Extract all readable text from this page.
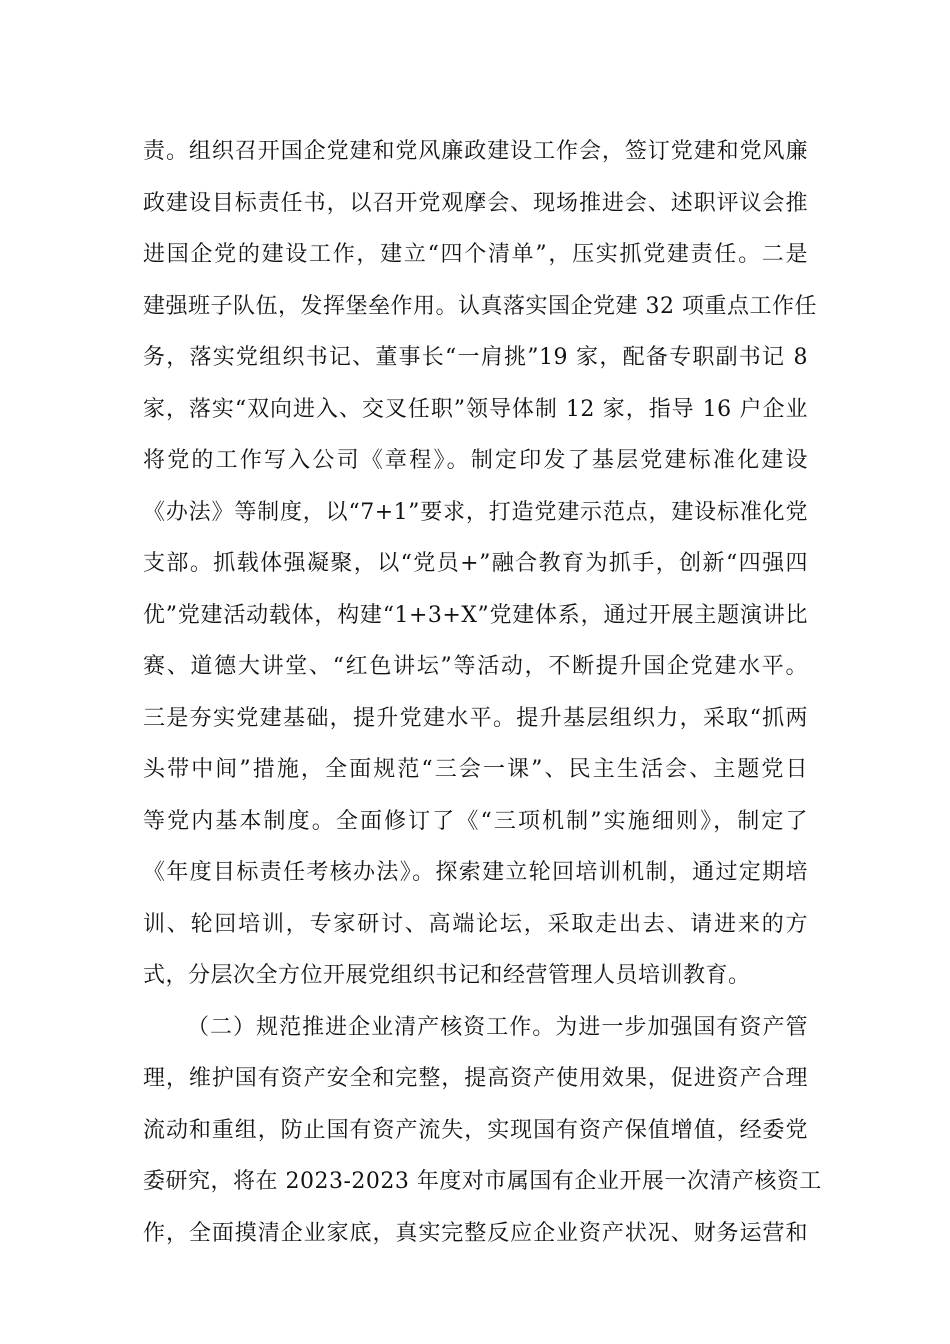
责。组织召开国企党建和党风廉政建设工作会，签订党建和党风廉
政建设目标责任书，以召开党观摩会、现场推进会、述职评议会推
进国企党的建设工作，建立“四个清单”，压实抓党建责任。二是
建强班子队伍，发挥堡垒作用。认真落实国企党建 32 项重点工作任
务，落实党组织书记、董事长“一肩挑”19 家，配备专职副书记 8
家，落实“双向进入、交叉任职”领导体制 12 家，指导 16 户企业
将党的工作写入公司《章程》。制定印发了基层党建标准化建设
《办法》等制度，以“7+1”要求，打造党建示范点，建设标准化党
支部。抓载体强凝聚，以“党员+”融合教育为抓手，创新“四强四
优”党建活动载体，构建“1+3+X”党建体系，通过开展主题演讲比
赛、道德大讲堂、“红色讲坛”等活动，不断提升国企党建水平。
三是夯实党建基础，提升党建水平。提升基层组织力，采取“抓两
头带中间”措施，全面规范“三会一课”、民主生活会、主题党日
等党内基本制度。全面修订了《“三项机制”实施细则》，制定了
《年度目标责任考核办法》。探索建立轮回培训机制，通过定期培
训、轮回培训，专家研讨、高端论坛，采取走出去、请进来的方
式，分层次全方位开展党组织书记和经营管理人员培训教育。
（二）规范推进企业清产核资工作。为进一步加强国有资产管
理，维护国有资产安全和完整，提高资产使用效果，促进资产合理
流动和重组，防止国有资产流失，实现国有资产保值增值，经委党
委研究，将在 2023-2023 年度对市属国有企业开展一次清产核资工
作，全面摸清企业家底，真实完整反应企业资产状况、财务运营和
